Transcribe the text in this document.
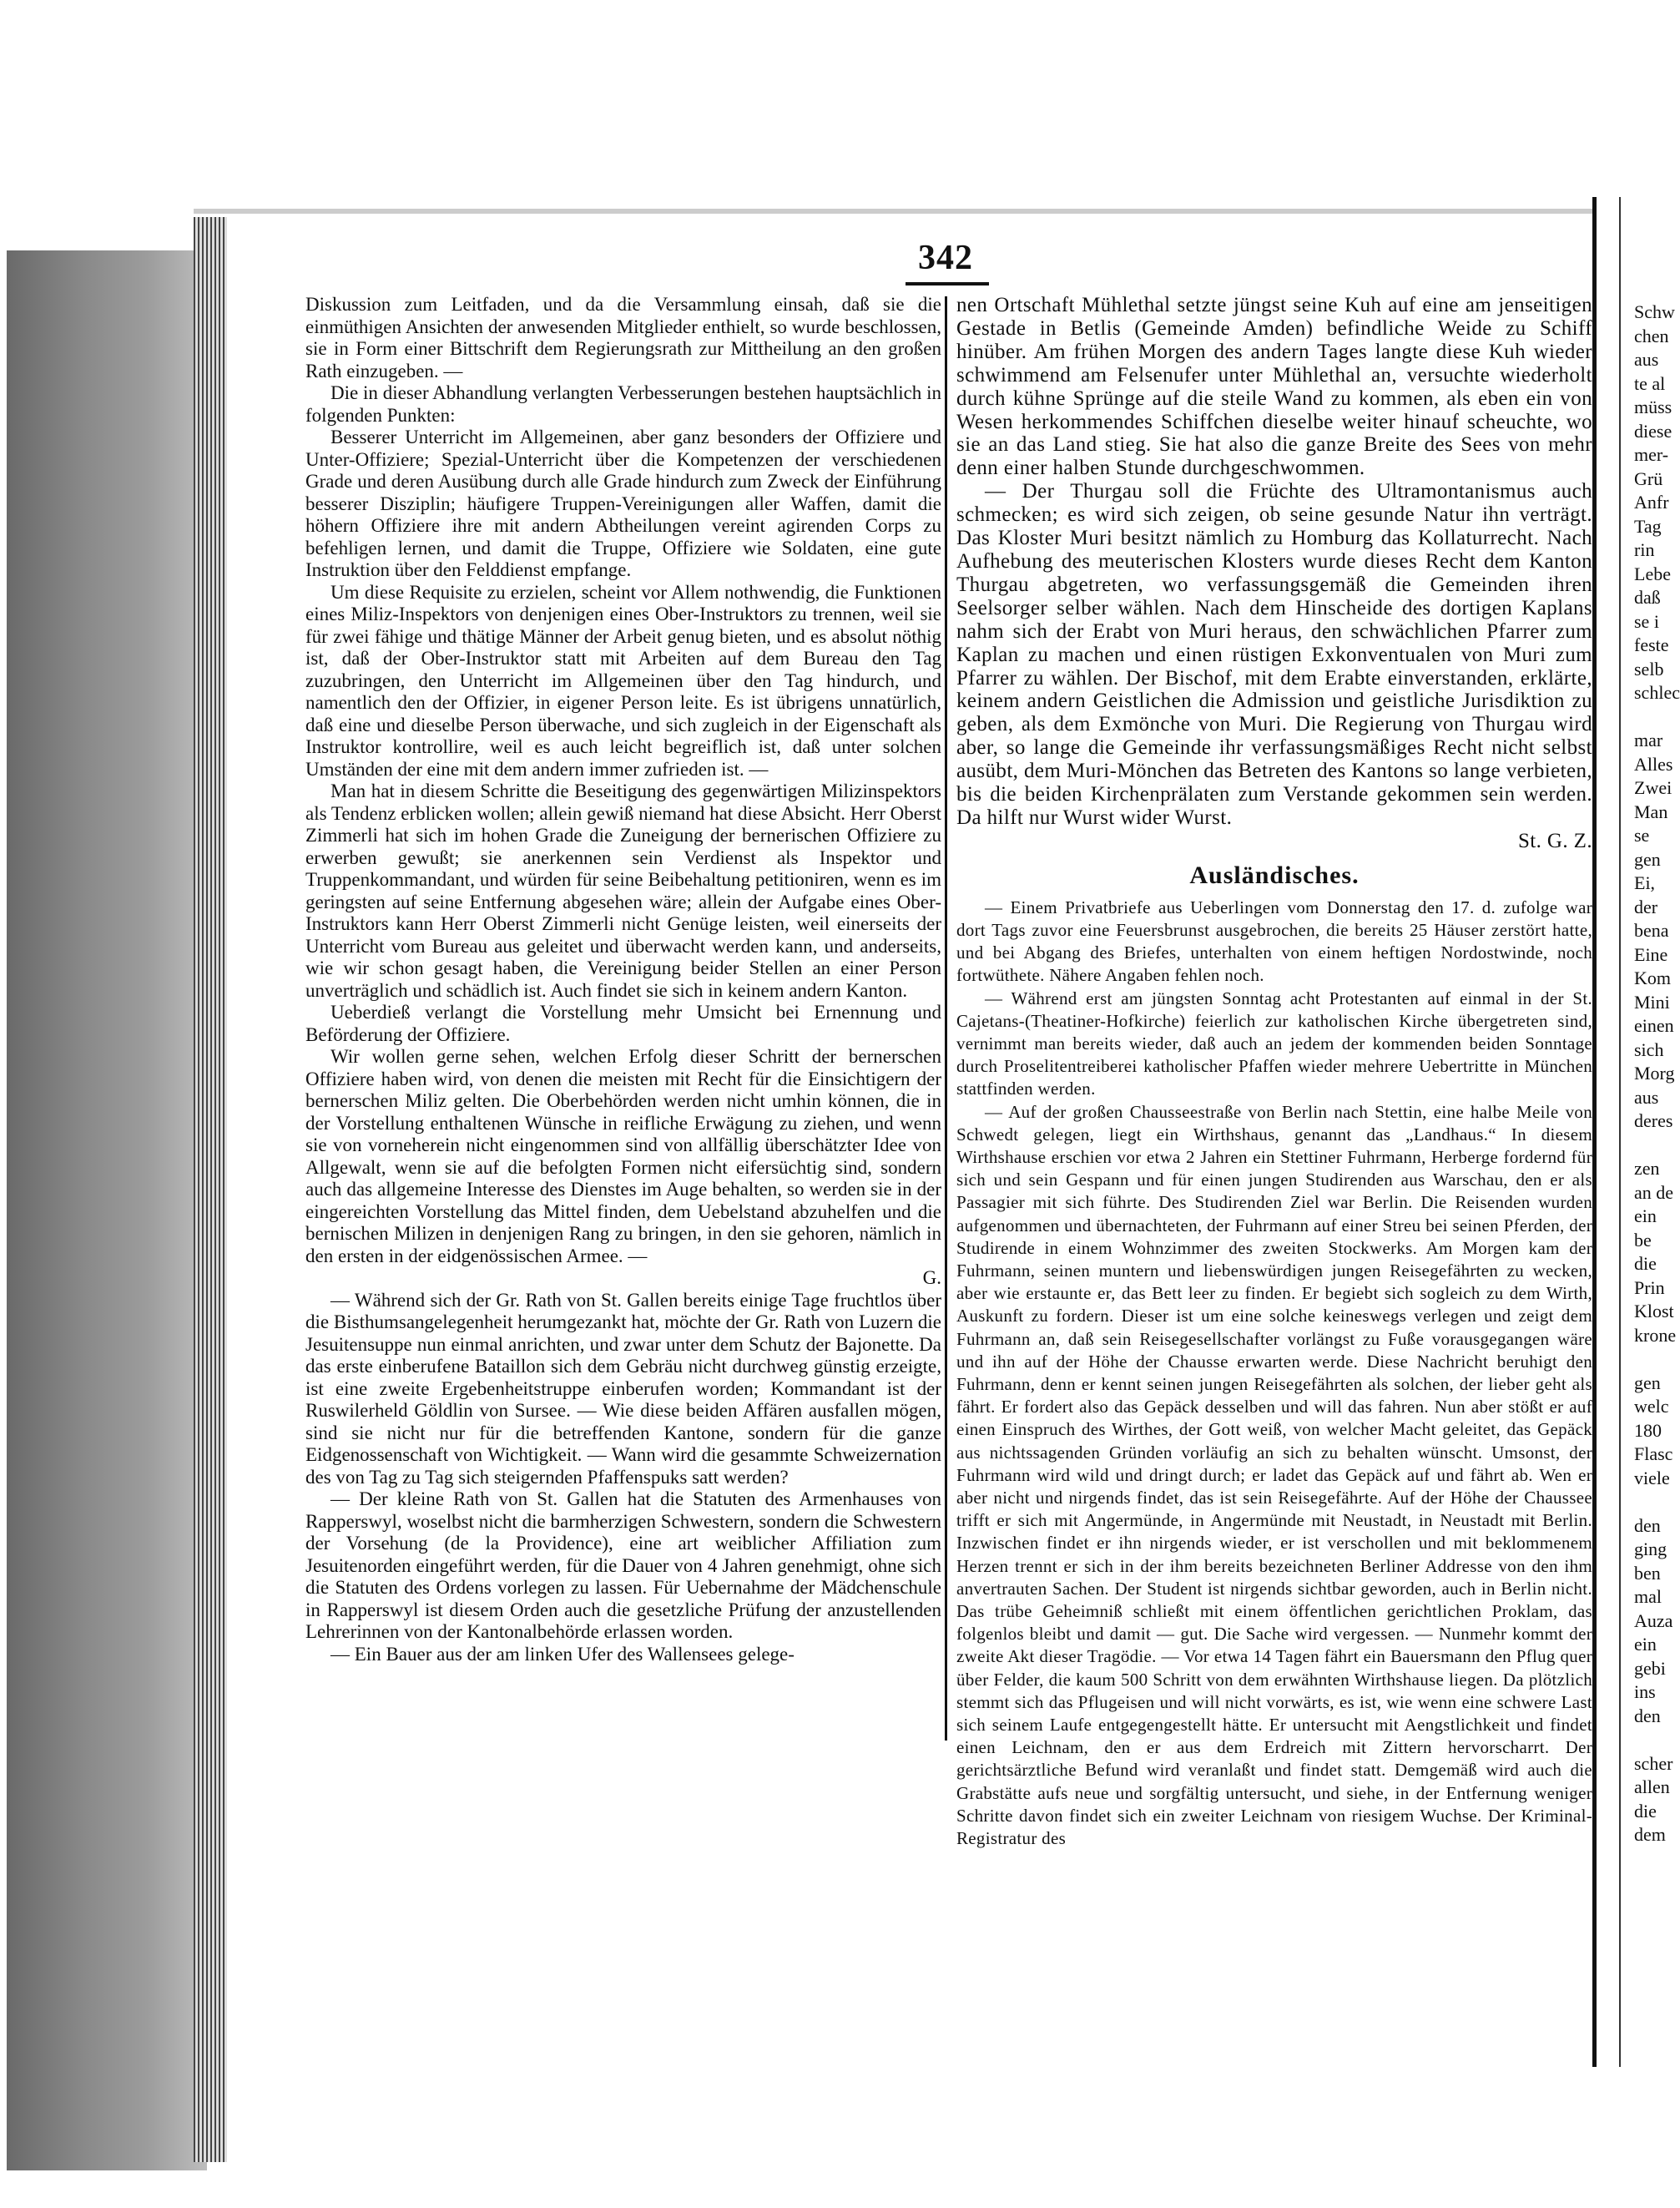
342

Diskussion zum Leitfaden, und da die Versammlung einsah, daß sie die einmüthigen Ansichten der anwesenden Mitglieder enthielt, so wurde beschlossen, sie in Form einer Bittschrift dem Regierungsrath zur Mittheilung an den großen Rath einzugeben. —

Die in dieser Abhandlung verlangten Verbesserungen bestehen hauptsächlich in folgenden Punkten:

Besserer Unterricht im Allgemeinen, aber ganz besonders der Offiziere und Unter-Offiziere; Spezial-Unterricht über die Kompetenzen der verschiedenen Grade und deren Ausübung durch alle Grade hindurch zum Zweck der Einführung besserer Disziplin; häufigere Truppen-Vereinigungen aller Waffen, damit die höhern Offiziere ihre mit andern Abtheilungen vereint agirenden Corps zu befehligen lernen, und damit die Truppe, Offiziere wie Soldaten, eine gute Instruktion über den Felddienst empfange.

Um diese Requisite zu erzielen, scheint vor Allem nothwendig, die Funktionen eines Miliz-Inspektors von denjenigen eines Ober-Instruktors zu trennen, weil sie für zwei fähige und thätige Männer der Arbeit genug bieten, und es absolut nöthig ist, daß der Ober-Instruktor statt mit Arbeiten auf dem Bureau den Tag zuzubringen, den Unterricht im Allgemeinen über den Tag hindurch, und namentlich den der Offizier, in eigener Person leite. Es ist übrigens unnatürlich, daß eine und dieselbe Person überwache, und sich zugleich in der Eigenschaft als Instruktor kontrollire, weil es auch leicht begreiflich ist, daß unter solchen Umständen der eine mit dem andern immer zufrieden ist. —

Man hat in diesem Schritte die Beseitigung des gegenwärtigen Milizinspektors als Tendenz erblicken wollen; allein gewiß niemand hat diese Absicht. Herr Oberst Zimmerli hat sich im hohen Grade die Zuneigung der bernerischen Offiziere zu erwerben gewußt; sie anerkennen sein Verdienst als Inspektor und Truppenkommandant, und würden für seine Beibehaltung petitioniren, wenn es im geringsten auf seine Entfernung abgesehen wäre; allein der Aufgabe eines Ober-Instruktors kann Herr Oberst Zimmerli nicht Genüge leisten, weil einerseits der Unterricht vom Bureau aus geleitet und überwacht werden kann, und anderseits, wie wir schon gesagt haben, die Vereinigung beider Stellen an einer Person unverträglich und schädlich ist. Auch findet sie sich in keinem andern Kanton.

Ueberdieß verlangt die Vorstellung mehr Umsicht bei Ernennung und Beförderung der Offiziere.

Wir wollen gerne sehen, welchen Erfolg dieser Schritt der bernerschen Offiziere haben wird, von denen die meisten mit Recht für die Einsichtigern der bernerschen Miliz gelten. Die Oberbehörden werden nicht umhin können, die in der Vorstellung enthaltenen Wünsche in reifliche Erwägung zu ziehen, und wenn sie von vorneherein nicht eingenommen sind von allfällig überschätzter Idee von Allgewalt, wenn sie auf die befolgten Formen nicht eifersüchtig sind, sondern auch das allgemeine Interesse des Dienstes im Auge behalten, so werden sie in der eingereichten Vorstellung das Mittel finden, dem Uebelstand abzuhelfen und die bernischen Milizen in denjenigen Rang zu bringen, in den sie gehoren, nämlich in den ersten in der eidgenössischen Armee. —

G.

— Während sich der Gr. Rath von St. Gallen bereits einige Tage fruchtlos über die Bisthumsangelegenheit herumgezankt hat, möchte der Gr. Rath von Luzern die Jesuitensuppe nun einmal anrichten, und zwar unter dem Schutz der Bajonette. Da das erste einberufene Bataillon sich dem Gebräu nicht durchweg günstig erzeigte, ist eine zweite Ergebenheitstruppe einberufen worden; Kommandant ist der Ruswilerheld Göldlin von Sursee. — Wie diese beiden Affären ausfallen mögen, sind sie nicht nur für die betreffenden Kantone, sondern für die ganze Eidgenossenschaft von Wichtigkeit. — Wann wird die gesammte Schweizernation des von Tag zu Tag sich steigernden Pfaffenspuks satt werden?

— Der kleine Rath von St. Gallen hat die Statuten des Armenhauses von Rapperswyl, woselbst nicht die barmherzigen Schwestern, sondern die Schwestern der Vorsehung (de la Providence), eine art weiblicher Affiliation zum Jesuitenorden eingeführt werden, für die Dauer von 4 Jahren genehmigt, ohne sich die Statuten des Ordens vorlegen zu lassen. Für Uebernahme der Mädchenschule in Rapperswyl ist diesem Orden auch die gesetzliche Prüfung der anzustellenden Lehrerinnen von der Kantonalbehörde erlassen worden.

— Ein Bauer aus der am linken Ufer des Wallensees gelege-

nen Ortschaft Mühlethal setzte jüngst seine Kuh auf eine am jenseitigen Gestade in Betlis (Gemeinde Amden) befindliche Weide zu Schiff hinüber. Am frühen Morgen des andern Tages langte diese Kuh wieder schwimmend am Felsenufer unter Mühlethal an, versuchte wiederholt durch kühne Sprünge auf die steile Wand zu kommen, als eben ein von Wesen herkommendes Schiffchen dieselbe weiter hinauf scheuchte, wo sie an das Land stieg. Sie hat also die ganze Breite des Sees von mehr denn einer halben Stunde durchgeschwommen.

— Der Thurgau soll die Früchte des Ultramontanismus auch schmecken; es wird sich zeigen, ob seine gesunde Natur ihn verträgt. Das Kloster Muri besitzt nämlich zu Homburg das Kollaturrecht. Nach Aufhebung des meuterischen Klosters wurde dieses Recht dem Kanton Thurgau abgetreten, wo verfassungsgemäß die Gemeinden ihren Seelsorger selber wählen. Nach dem Hinscheide des dortigen Kaplans nahm sich der Erabt von Muri heraus, den schwächlichen Pfarrer zum Kaplan zu machen und einen rüstigen Exkonventualen von Muri zum Pfarrer zu wählen. Der Bischof, mit dem Erabte einverstanden, erklärte, keinem andern Geistlichen die Admission und geistliche Jurisdiktion zu geben, als dem Exmönche von Muri. Die Regierung von Thurgau wird aber, so lange die Gemeinde ihr verfassungsmäßiges Recht nicht selbst ausübt, dem Muri-Mönchen das Betreten des Kantons so lange verbieten, bis die beiden Kirchenprälaten zum Verstande gekommen sein werden. Da hilft nur Wurst wider Wurst.

St. G. Z.

Ausländisches.

— Einem Privatbriefe aus Ueberlingen vom Donnerstag den 17. d. zufolge war dort Tags zuvor eine Feuersbrunst ausgebrochen, die bereits 25 Häuser zerstört hatte, und bei Abgang des Briefes, unterhalten von einem heftigen Nordostwinde, noch fortwüthete. Nähere Angaben fehlen noch.

— Während erst am jüngsten Sonntag acht Protestanten auf einmal in der St. Cajetans-(Theatiner-Hofkirche) feierlich zur katholischen Kirche übergetreten sind, vernimmt man bereits wieder, daß auch an jedem der kommenden beiden Sonntage durch Proselitentreiberei katholischer Pfaffen wieder mehrere Uebertritte in München stattfinden werden.

— Auf der großen Chausseestraße von Berlin nach Stettin, eine halbe Meile von Schwedt gelegen, liegt ein Wirthshaus, genannt das „Landhaus.“ In diesem Wirthshause erschien vor etwa 2 Jahren ein Stettiner Fuhrmann, Herberge fordernd für sich und sein Gespann und für einen jungen Studirenden aus Warschau, den er als Passagier mit sich führte. Des Studirenden Ziel war Berlin. Die Reisenden wurden aufgenommen und übernachteten, der Fuhrmann auf einer Streu bei seinen Pferden, der Studirende in einem Wohnzimmer des zweiten Stockwerks. Am Morgen kam der Fuhrmann, seinen muntern und liebenswürdigen jungen Reisegefährten zu wecken, aber wie erstaunte er, das Bett leer zu finden. Er begiebt sich sogleich zu dem Wirth, Auskunft zu fordern. Dieser ist um eine solche keineswegs verlegen und zeigt dem Fuhrmann an, daß sein Reisegesellschafter vorlängst zu Fuße vorausgegangen wäre und ihn auf der Höhe der Chausse erwarten werde. Diese Nachricht beruhigt den Fuhrmann, denn er kennt seinen jungen Reisegefährten als solchen, der lieber geht als fährt. Er fordert also das Gepäck desselben und will das fahren. Nun aber stößt er auf einen Einspruch des Wirthes, der Gott weiß, von welcher Macht geleitet, das Gepäck aus nichtssagenden Gründen vorläufig an sich zu behalten wünscht. Umsonst, der Fuhrmann wird wild und dringt durch; er ladet das Gepäck auf und fährt ab. Wen er aber nicht und nirgends findet, das ist sein Reisegefährte. Auf der Höhe der Chaussee trifft er sich mit Angermünde, in Angermünde mit Neustadt, in Neustadt mit Berlin. Inzwischen findet er ihn nirgends wieder, er ist verschollen und mit beklommenem Herzen trennt er sich in der ihm bereits bezeichneten Berliner Addresse von den ihm anvertrauten Sachen. Der Student ist nirgends sichtbar geworden, auch in Berlin nicht. Das trübe Geheimniß schließt mit einem öffentlichen gerichtlichen Proklam, das folgenlos bleibt und damit — gut. Die Sache wird vergessen. — Nunmehr kommt der zweite Akt dieser Tragödie. — Vor etwa 14 Tagen fährt ein Bauersmann den Pflug quer über Felder, die kaum 500 Schritt von dem erwähnten Wirthshause liegen. Da plötzlich stemmt sich das Pflugeisen und will nicht vorwärts, es ist, wie wenn eine schwere Last sich seinem Laufe entgegengestellt hätte. Er untersucht mit Aengstlichkeit und findet einen Leichnam, den er aus dem Erdreich mit Zittern hervorscharrt. Der gerichtsärztliche Befund wird veranlaßt und findet statt. Demgemäß wird auch die Grabstätte aufs neue und sorgfältig untersucht, und siehe, in der Entfernung weniger Schritte davon findet sich ein zweiter Leichnam von riesigem Wuchse. Der Kriminal-Registratur des

Schw
chen
aus
te al
müss
diese
mer-
Grü
Anfr
Tag
rin
Lebe
daß
se i
feste
selb
schlec
mar
Alles
Zwei
Man
se
gen
Ei,
der
bena
Eine
Kom
Mini
einen
sich
Morg
aus
deres
zen
an de
ein
be
die
Prin
Klost
krone
gen
welc
180
Flasc
viele
den
ging
ben
mal
Auza
ein
gebi
ins
den
scher
allen
die
dem
